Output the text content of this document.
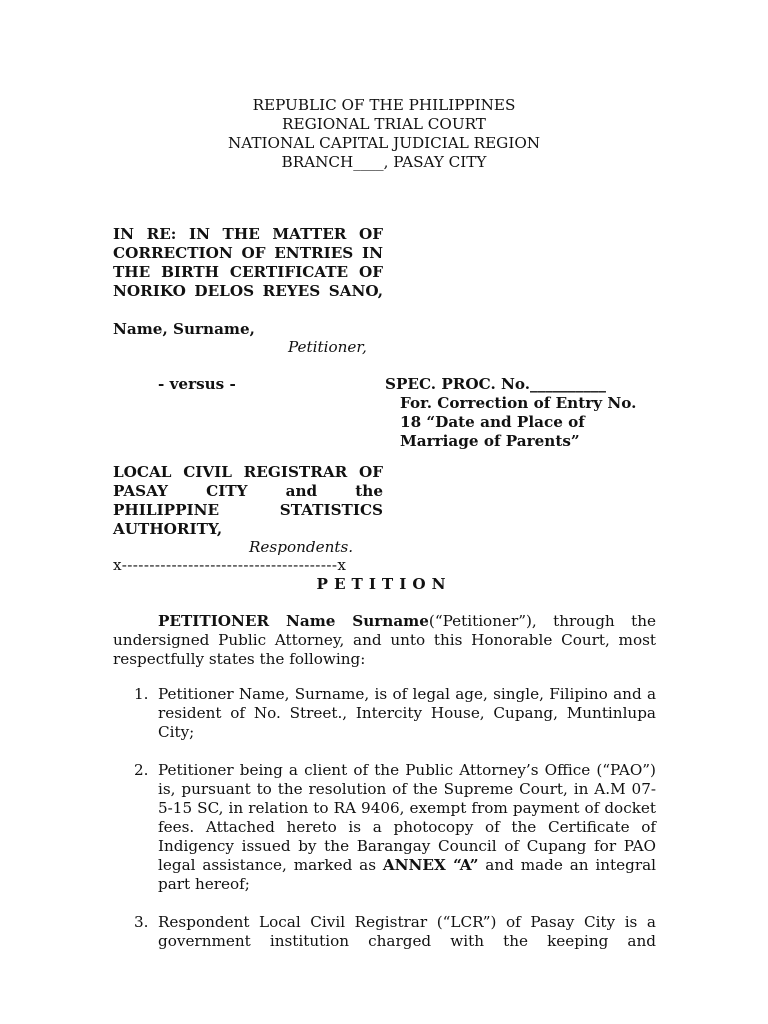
REPUBLIC OF THE PHILIPPINES
REGIONAL TRIAL COURT
NATIONAL CAPITAL JUDICIAL REGION
BRANCH____, PASAY CITY
IN RE: IN THE MATTER OF
CORRECTION OF ENTRIES IN
THE BIRTH CERTIFICATE OF
NORIKO DELOS REYES SANO,
Name, Surname,
Petitioner,
- versus -	SPEC. PROC. No.__________
For. Correction of Entry No.
18 “Date and Place of
Marriage of Parents”
LOCAL CIVIL REGISTRAR OF
PASAY CITY and the
PHILIPPINE STATISTICS
AUTHORITY,
Respondents.
x---------------------------------------x
PETITION
PETITIONER Name Surname(“Petitioner”), through the
undersigned Public Attorney, and unto this Honorable Court, most
respectfully states the following:
1. Petitioner Name, Surname, is of legal age, single, Filipino and a
resident of No. Street., Intercity House, Cupang, Muntinlupa
City;
2. Petitioner being a client of the Public Attorney’s Office (“PAO”)
is, pursuant to the resolution of the Supreme Court, in A.M 07-
5-15 SC, in relation to RA 9406, exempt from payment of docket
fees. Attached hereto is a photocopy of the Certificate of
Indigency issued by the Barangay Council of Cupang for PAO
legal assistance, marked as ANNEX “A” and made an integral
part hereof;
3. Respondent Local Civil Registrar (“LCR”) of Pasay City is a
government institution charged with the keeping and
